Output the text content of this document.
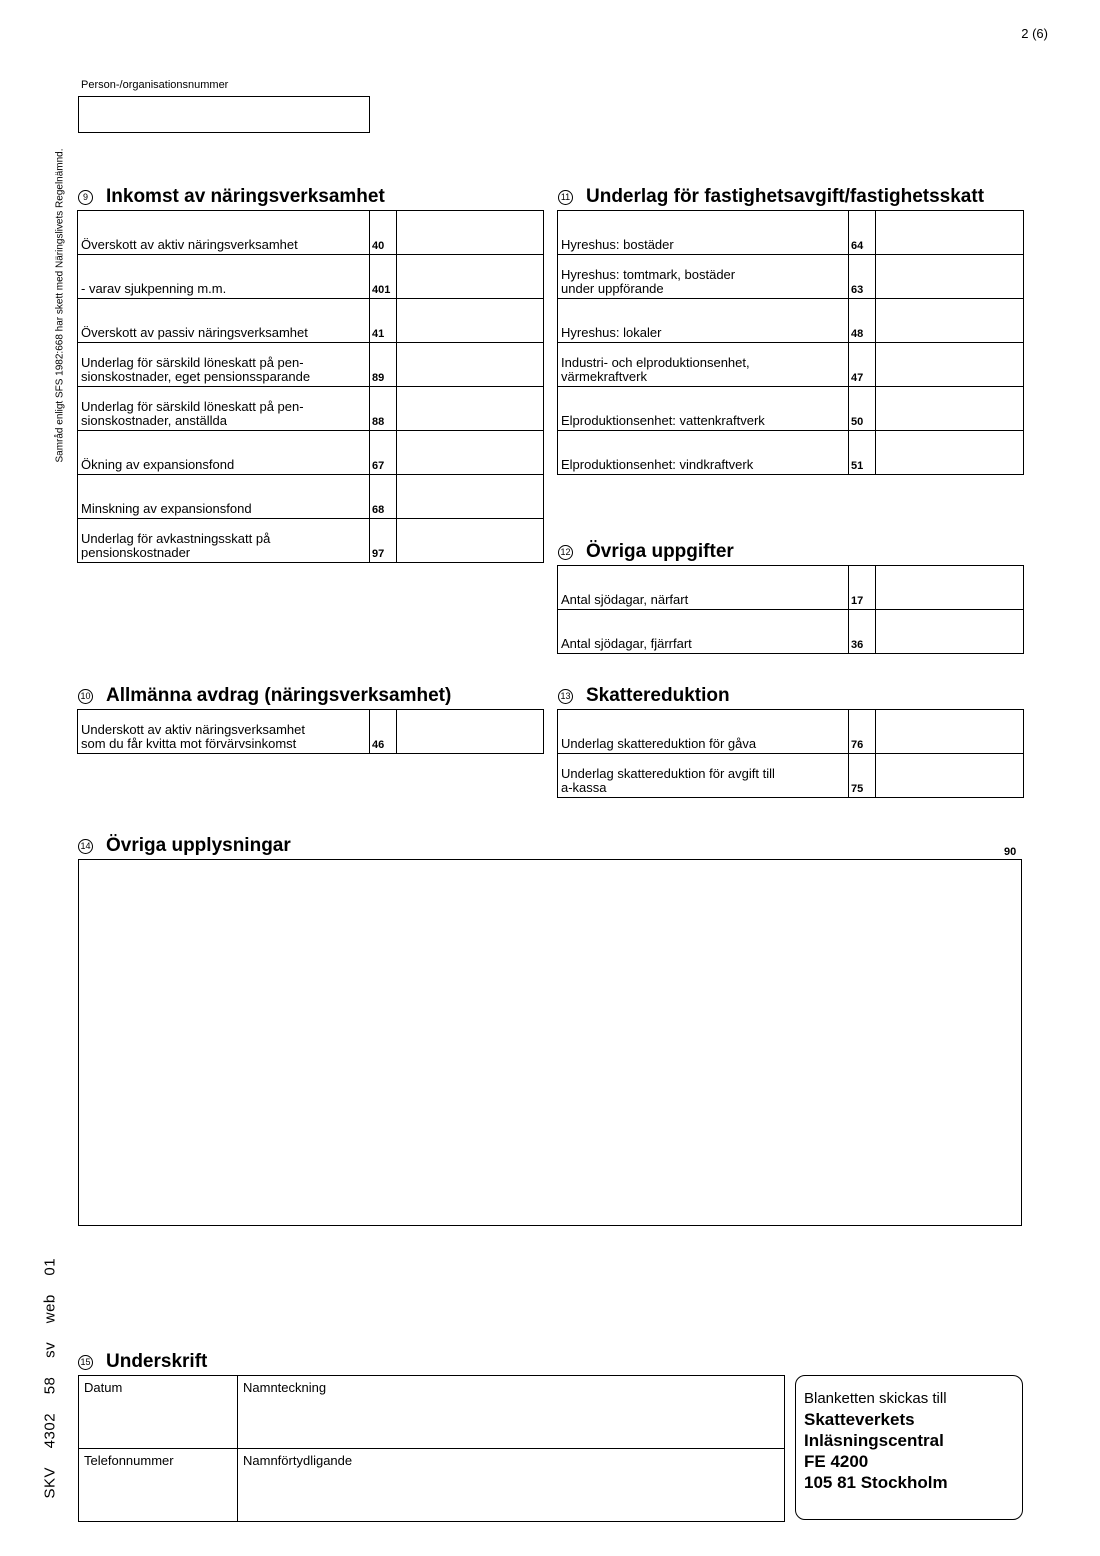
2 (6)
Person-/organisationsnummer
Samråd enligt SFS 1982:668 har skett med Näringslivets Regelnämnd.
SKV 4302 58 sv web 01
9 Inkomst av näringsverksamhet
Överskott av aktiv näringsverksamhet	40	
- varav sjukpenning m.m.	401	
Överskott av passiv näringsverksamhet	41	
Underlag för särskild löneskatt på pen-
sionskostnader, eget pensionssparande	89	
Underlag för särskild löneskatt på pen-
sionskostnader, anställda	88	
Ökning av expansionsfond	67	
Minskning av expansionsfond	68	
Underlag för avkastningsskatt på
pensionskostnader	97	
11 Underlag för fastighetsavgift/fastighetsskatt
Hyreshus: bostäder	64	
Hyreshus: tomtmark, bostäder
under uppförande	63	
Hyreshus: lokaler	48	
Industri- och elproduktionsenhet,
värmekraftverk	47	
Elproduktionsenhet: vattenkraftverk	50	
Elproduktionsenhet: vindkraftverk	51	
12 Övriga uppgifter
Antal sjödagar, närfart	17	
Antal sjödagar, fjärrfart	36	
10 Allmänna avdrag (näringsverksamhet)
Underskott av aktiv näringsverksamhet
som du får kvitta mot förvärvsinkomst	46	
13 Skattereduktion
Underlag skattereduktion för gåva	76	
Underlag skattereduktion för avgift till
a-kassa	75	
14 Övriga upplysningar	90
15 Underskrift
Datum	Namnteckning
Telefonnummer	Namnförtydligande
Blanketten skickas till
Skatteverkets
Inläsningscentral
FE 4200
105 81 Stockholm
